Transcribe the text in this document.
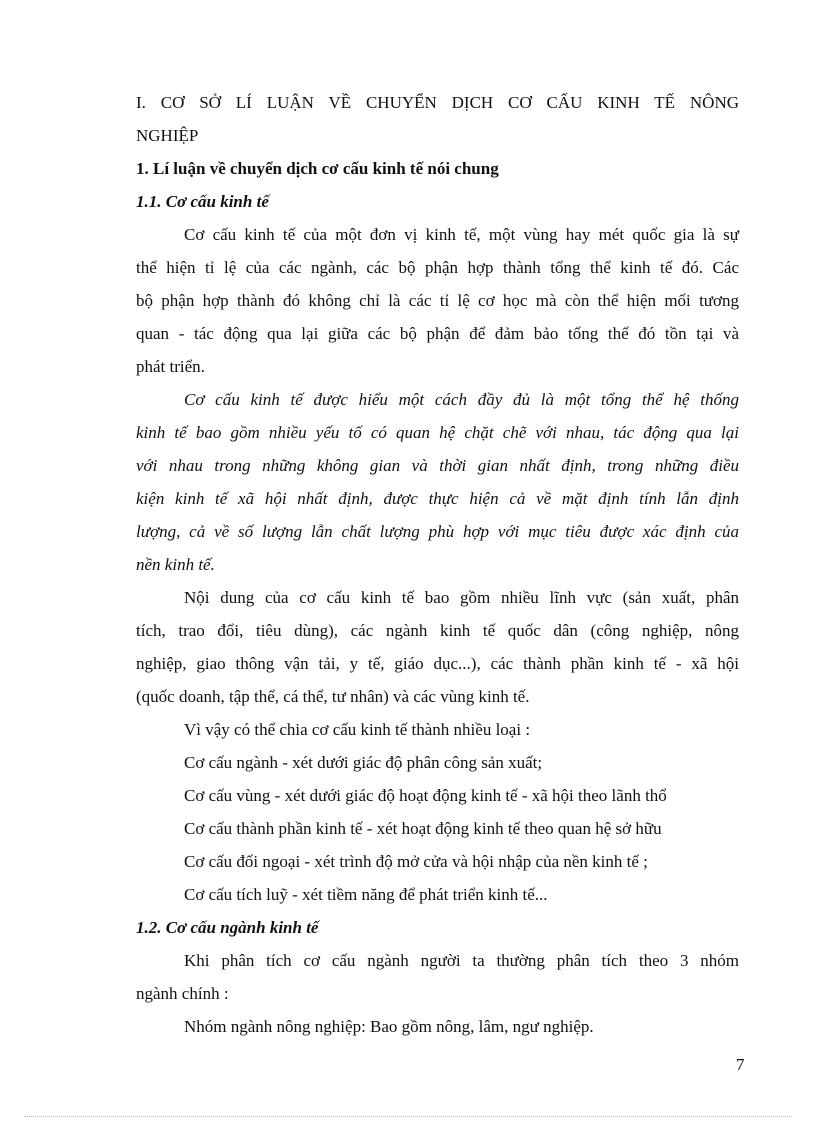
I. CƠ SỞ LÍ LUẬN VỀ CHUYỂN DỊCH CƠ CẤU KINH TẾ NÔNG
NGHIỆP
1. Lí luận về chuyển dịch cơ cấu kinh tế nói chung
1.1. Cơ cấu kinh tế
Cơ cấu kinh tế của một đơn vị kinh tế, một vùng hay mét quốc gia là sự
thể hiện tỉ lệ của các ngành, các bộ phận hợp thành tổng thể kinh tế đó. Các
bộ phận hợp thành đó không chỉ là các tỉ lệ cơ học mà còn thể hiện mối tương
quan - tác động qua lại giữa các bộ phận để đảm bảo tổng thể đó tồn tại và
phát triển.
Cơ cấu kinh tế được hiểu một cách đầy đủ là một tổng thể hệ thống
kinh tế bao gồm nhiều yếu tố có quan hệ chặt chẽ với nhau, tác động qua lại
với nhau trong những không gian và thời gian nhất định, trong những điều
kiện kinh tế xã hội nhất định, được thực hiện cả về mặt định tính lẫn định
lượng, cả về số lượng lẫn chất lượng phù hợp với mục tiêu được xác định của
nền kinh tế.
Nội dung của cơ cấu kinh tế bao gồm nhiều lĩnh vực (sản xuất, phân
tích, trao đổi, tiêu dùng), các ngành kinh tế quốc dân (công nghiệp, nông
nghiệp, giao thông vận tải, y tế, giáo dục...), các thành phần kinh tế - xã hội
(quốc doanh, tập thể, cá thể, tư nhân) và các vùng kinh tế.
Vì vậy có thể chia cơ cấu kinh tế thành nhiều loại :
Cơ cấu ngành - xét dưới giác độ phân công sản xuất;
Cơ cấu vùng - xét dưới giác độ hoạt động kinh tế - xã hội theo lãnh thổ
Cơ cấu thành phần kinh tế - xét hoạt động kinh tế theo quan hệ sở hữu
Cơ cấu đối ngoại - xét trình độ mở cửa và hội nhập của nền kinh tế ;
Cơ cấu tích luỹ - xét tiềm năng để phát triển kinh tế...
1.2. Cơ cấu ngành kinh tế
Khi phân tích cơ cấu ngành người ta thường phân tích theo 3 nhóm
ngành chính :
Nhóm ngành nông nghiệp: Bao gồm nông, lâm, ngư nghiệp.
7
